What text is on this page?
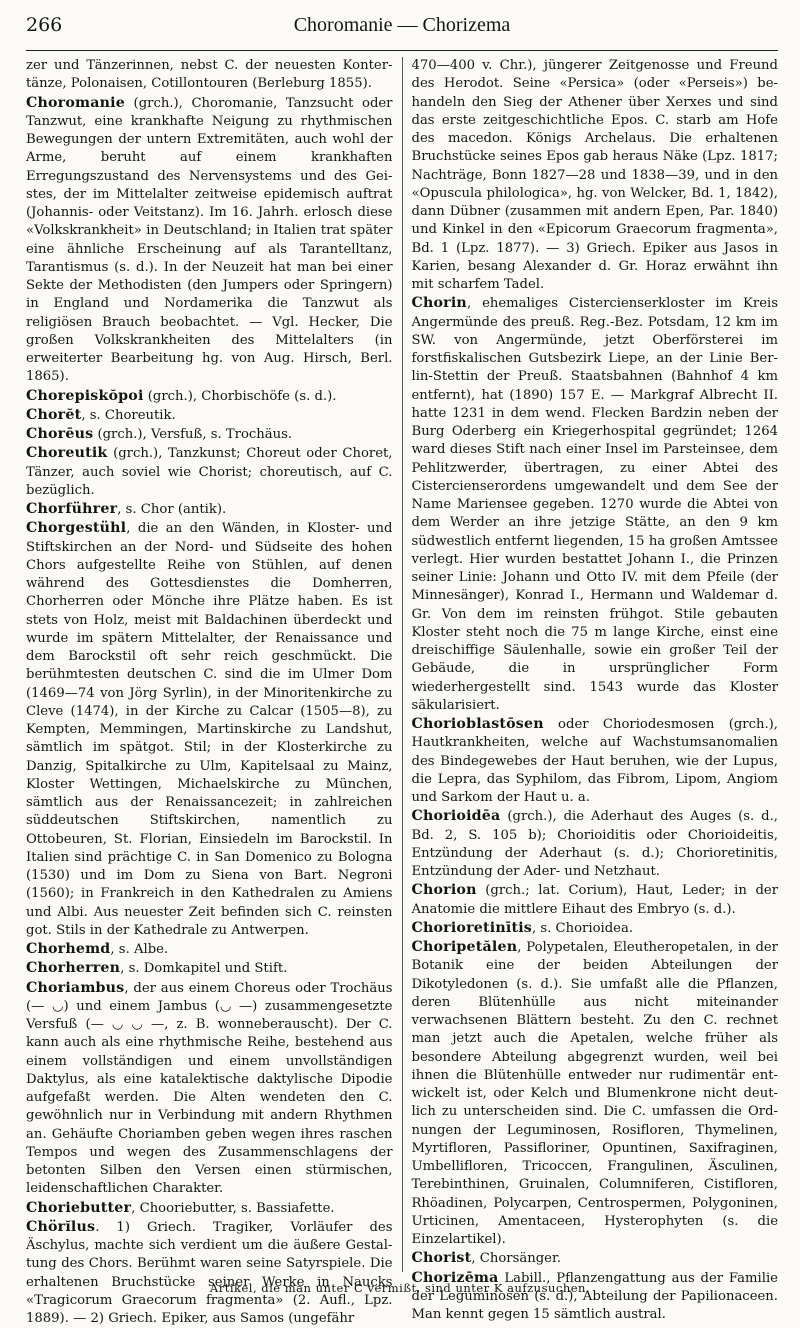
266	Choromanie — Chorizema

zer und Tänzerinnen, nebst C. der neuesten Kontertänze, Polonaisen, Cotillontouren (Berleburg 1855).

Choromanie (grch.), Choromanie, Tanzsucht oder Tanzwut, eine krankhafte Neigung zu rhythmischen Bewegungen der untern Extremitäten, auch wohl der Arme, beruht auf einem krankhaften Erregungszustand des Nervensystems und des Geistes, der im Mittelalter zeitweise epidemisch auftrat (Johannis- oder Veitstanz). Im 16. Jahrh. erlosch diese «Volkskrankheit» in Deutschland; in Italien trat später eine ähnliche Erscheinung auf als Tarantelltanz, Tarantismus (s. d.). In der Neuzeit hat man bei einer Sekte der Methodisten (den Jumpers oder Springern) in England und Nordamerika die Tanzwut als religiösen Brauch beobachtet. — Vgl. Hecker, Die großen Volkskrankheiten des Mittelalters (in erweiterter Bearbeitung hg. von Aug. Hirsch, Berl. 1865).

Chorepiskŏpoi (grch.), Chorbischöfe (s. d.).

Chorĕt, s. Choreutik.

Chorēus (grch.), Versfuß, s. Trochäus.

Choreutik (grch.), Tanzkunst; Choreut oder Choret, Tänzer, auch soviel wie Chorist; choreutisch, auf C. bezüglich.

Chorführer, s. Chor (antik).

Chorgestühl, die an den Wänden, in Kloster- und Stiftskirchen an der Nord- und Südseite des hohen Chors aufgestellte Reihe von Stühlen, auf denen während des Gottesdienstes die Domherren, Chorherren oder Mönche ihre Plätze haben. Es ist stets von Holz, meist mit Baldachinen überdeckt und wurde im spätern Mittelalter, der Renaissance und dem Barockstil oft sehr reich geschmückt. Die berühmtesten deutschen C. sind die im Ulmer Dom (1469—74 von Jörg Syrlin), in der Minoritenkirche zu Cleve (1474), in der Kirche zu Calcar (1505—8), zu Kempten, Memmingen, Martinskirche zu Landshut, sämtlich im spätgot. Stil; in der Klosterkirche zu Danzig, Spitalkirche zu Ulm, Kapitelsaal zu Mainz, Kloster Wettingen, Michaelskirche zu München, sämtlich aus der Renaissancezeit; in zahlreichen süddeutschen Stiftskirchen, namentlich zu Ottobeuren, St. Florian, Einsiedeln im Barockstil. In Italien sind prächtige C. in San Domenico zu Bologna (1530) und im Dom zu Siena von Bart. Negroni (1560); in Frankreich in den Kathedralen zu Amiens und Albi. Aus neuester Zeit befinden sich C. reinsten got. Stils in der Kathedrale zu Antwerpen.

Chorhemd, s. Albe.

Chorherren, s. Domkapitel und Stift.

Choriambus, der aus einem Choreus oder Trochäus (— ◡) und einem Jambus (◡ —) zusammengesetzte Versfuß (— ◡ ◡ —, z. B. wonneberauscht). Der C. kann auch als eine rhythmische Reihe, bestehend aus einem vollständigen und einem unvollständigen Daktylus, als eine katalektische daktylische Dipodie aufgefaßt werden. Die Alten wendeten den C. gewöhnlich nur in Verbindung mit andern Rhythmen an. Gehäufte Choriamben geben wegen ihres raschen Tempos und wegen des Zusammenschlagens der betonten Silben den Versen einen stürmischen, leidenschaftlichen Charakter.

Choriebutter, Chooriebutter, s. Bassiafette.

Chörĭlus. 1) Griech. Tragiker, Vorläufer des Äschylus, machte sich verdient um die äußere Gestaltung des Chors. Berühmt waren seine Satyrspiele. Die erhaltenen Bruchstücke seiner Werke in Naucks «Tragicorum Graecorum fragmenta» (2. Aufl., Lpz. 1889). — 2) Griech. Epiker, aus Samos (ungefähr

470—400 v. Chr.), jüngerer Zeitgenosse und Freund des Herodot. Seine «Persica» (oder «Perseis») behandeln den Sieg der Athener über Xerxes und sind das erste zeitgeschichtliche Epos. C. starb am Hofe des macedon. Königs Archelaus. Die erhaltenen Bruchstücke seines Epos gab heraus Näke (Lpz. 1817; Nachträge, Bonn 1827—28 und 1838—39, und in den «Opuscula philologica», hg. von Welcker, Bd. 1, 1842), dann Dübner (zusammen mit andern Epen, Par. 1840) und Kinkel in den «Epicorum Graecorum fragmenta», Bd. 1 (Lpz. 1877). — 3) Griech. Epiker aus Jasos in Karien, besang Alexander d. Gr. Horaz erwähnt ihn mit scharfem Tadel.

Chorin, ehemaliges Cistercienserkloster im Kreis Angermünde des preuß. Reg.-Bez. Potsdam, 12 km im SW. von Angermünde, jetzt Oberförsterei im forstfiskalischen Gutsbezirk Liepe, an der Linie Berlin-Stettin der Preuß. Staatsbahnen (Bahnhof 4 km entfernt), hat (1890) 157 E. — Markgraf Albrecht II. hatte 1231 in dem wend. Flecken Bardzin neben der Burg Oderberg ein Kriegerhospital gegründet; 1264 ward dieses Stift nach einer Insel im Parsteinsee, dem Pehlitzwerder, übertragen, zu einer Abtei des Cistercienserordens umgewandelt und dem See der Name Mariensee gegeben. 1270 wurde die Abtei von dem Werder an ihre jetzige Stätte, an den 9 km südwestlich entfernt liegenden, 15 ha großen Amtssee verlegt. Hier wurden bestattet Johann I., die Prinzen seiner Linie: Johann und Otto IV. mit dem Pfeile (der Minnesänger), Konrad I., Hermann und Waldemar d. Gr. Von dem im reinsten frühgot. Stile gebauten Kloster steht noch die 75 m lange Kirche, einst eine dreischiffige Säulenhalle, sowie ein großer Teil der Gebäude, die in ursprünglicher Form wiederhergestellt sind. 1543 wurde das Kloster säkularisiert.

Chorioblastōsen oder Choriodesmosen (grch.), Hautkrankheiten, welche auf Wachstumsanomalien des Bindegewebes der Haut beruhen, wie der Lupus, die Lepra, das Syphilom, das Fibrom, Lipom, Angiom und Sarkom der Haut u. a.

Chorioidēa (grch.), die Aderhaut des Auges (s. d., Bd. 2, S. 105 b); Chorioiditis oder Chorioideitis, Entzündung der Aderhaut (s. d.); Chorioretinitis, Entzündung der Ader- und Netzhaut.

Chorion (grch.; lat. Corium), Haut, Leder; in der Anatomie die mittlere Eihaut des Embryo (s. d.).

Chorioretinītis, s. Chorioidea.

Choripetălen, Polypetalen, Eleutheropetalen, in der Botanik eine der beiden Abteilungen der Dikotyledonen (s. d.). Sie umfaßt alle die Pflanzen, deren Blütenhülle aus nicht miteinander verwachsenen Blättern besteht. Zu den C. rechnet man jetzt auch die Apetalen, welche früher als besondere Abteilung abgegrenzt wurden, weil bei ihnen die Blütenhülle entweder nur rudimentär entwickelt ist, oder Kelch und Blumenkrone nicht deutlich zu unterscheiden sind. Die C. umfassen die Ordnungen der Leguminosen, Rosifloren, Thymelinen, Myrtifloren, Passifloriner, Opuntinen, Saxifraginen, Umbellifloren, Tricoccen, Frangulinen, Äsculinen, Terebinthinen, Gruinalen, Columniferen, Cistifloren, Rhöadinen, Polycarpen, Centrospermen, Polygoninen, Urticinen, Amentaceen, Hysterophyten (s. die Einzelartikel).

Chorist, Chorsänger.

Chorizēma Labill., Pflanzengattung aus der Familie der Leguminosen (s. d.), Abteilung der Papilionaceen. Man kennt gegen 15 sämtlich austral.

Artikel, die man unter C vermißt, sind unter K aufzusuchen.
